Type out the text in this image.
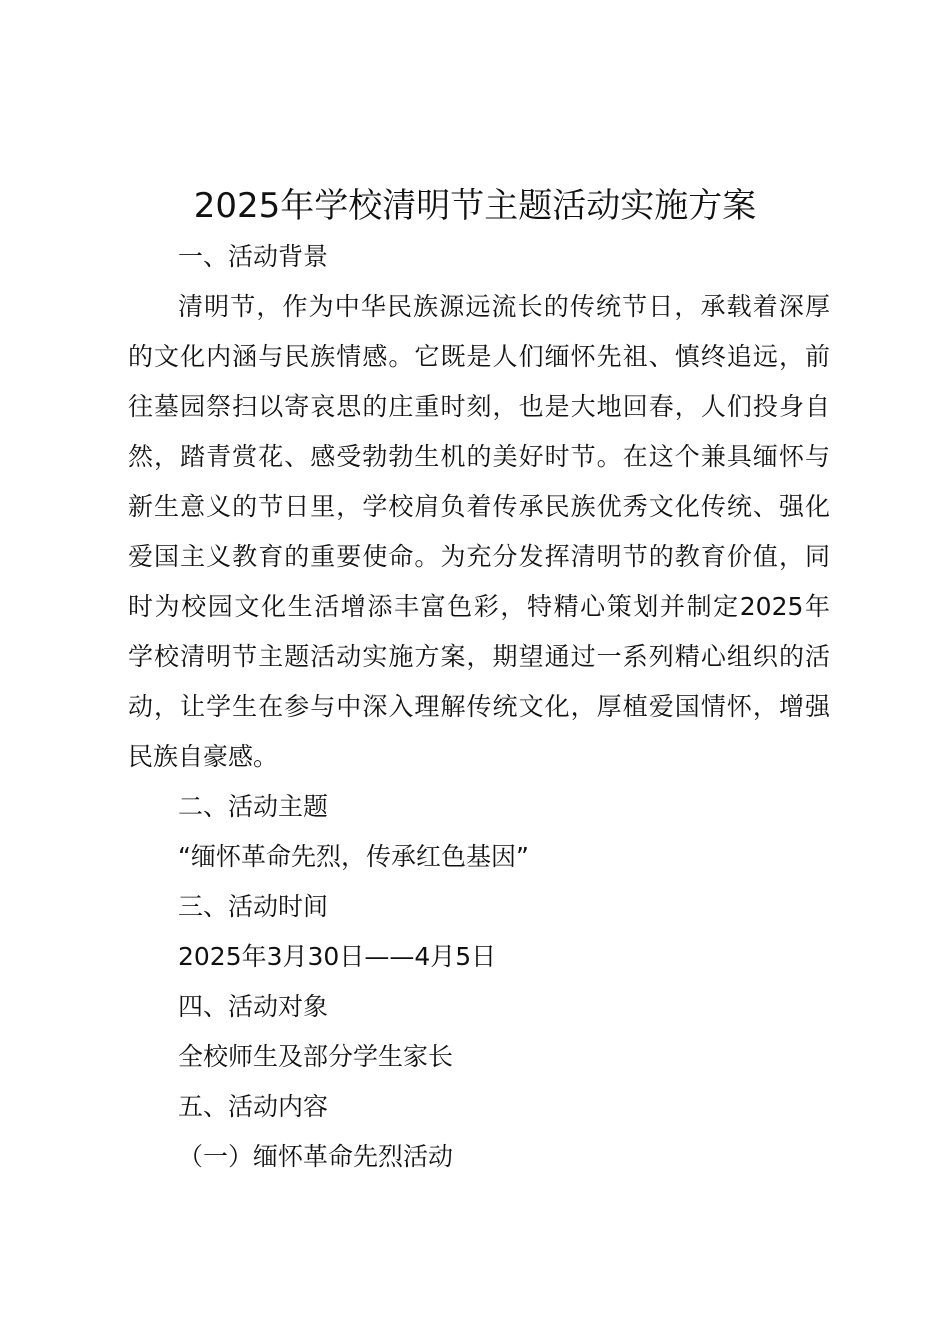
2025年学校清明节主题活动实施方案
一、活动背景
清明节，作为中华民族源远流长的传统节日，承载着深厚
的文化内涵与民族情感。它既是人们缅怀先祖、慎终追远，前
往墓园祭扫以寄哀思的庄重时刻，也是大地回春，人们投身自
然，踏青赏花、感受勃勃生机的美好时节。在这个兼具缅怀与
新生意义的节日里，学校肩负着传承民族优秀文化传统、强化
爱国主义教育的重要使命。为充分发挥清明节的教育价值，同
时为校园文化生活增添丰富色彩，特精心策划并制定2025年
学校清明节主题活动实施方案，期望通过一系列精心组织的活
动，让学生在参与中深入理解传统文化，厚植爱国情怀，增强
民族自豪感。
二、活动主题
“缅怀革命先烈，传承红色基因”
三、活动时间
2025年3月30日——4月5日
四、活动对象
全校师生及部分学生家长
五、活动内容
（一）缅怀革命先烈活动
